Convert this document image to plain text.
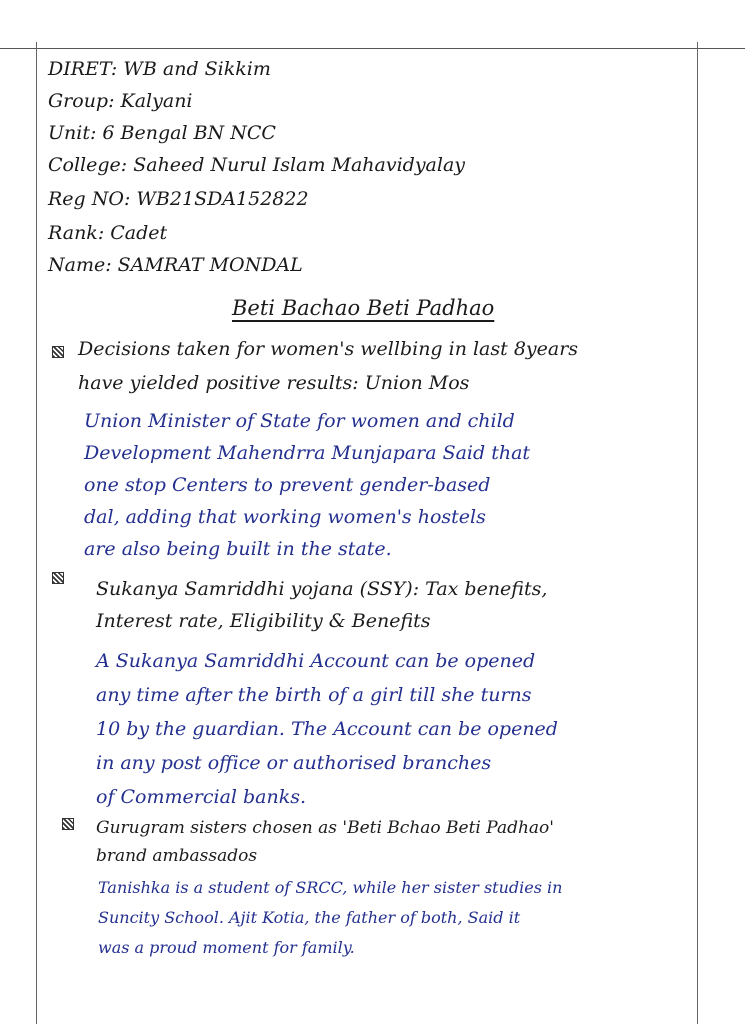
DIRET: WB and Sikkim
Group: Kalyani
Unit: 6 Bengal BN NCC
College: Saheed Nurul Islam Mahavidyalay
Reg NO: WB21SDA152822
Rank: Cadet
Name: SAMRAT MONDAL
Beti Bachao Beti Padhao
Decisions taken for women's wellbing in last 8years
have yielded positive results: Union Mos
Union Minister of State for women and child
Development Mahendrra Munjapara Said that
one stop Centers to prevent gender-based
dal, adding that working women's hostels
are also being built in the state.
Sukanya Samriddhi yojana (SSY): Tax benefits,
Interest rate, Eligibility & Benefits
A Sukanya Samriddhi Account can be opened
any time after the birth of a girl till she turns
10 by the guardian. The Account can be opened
in any post office or authorised branches
of Commercial banks.
Gurugram sisters chosen as 'Beti Bchao Beti Padhao'
brand ambassados
Tanishka is a student of SRCC, while her sister studies in
Suncity School. Ajit Kotia, the father of both, Said it
was a proud moment for family.
